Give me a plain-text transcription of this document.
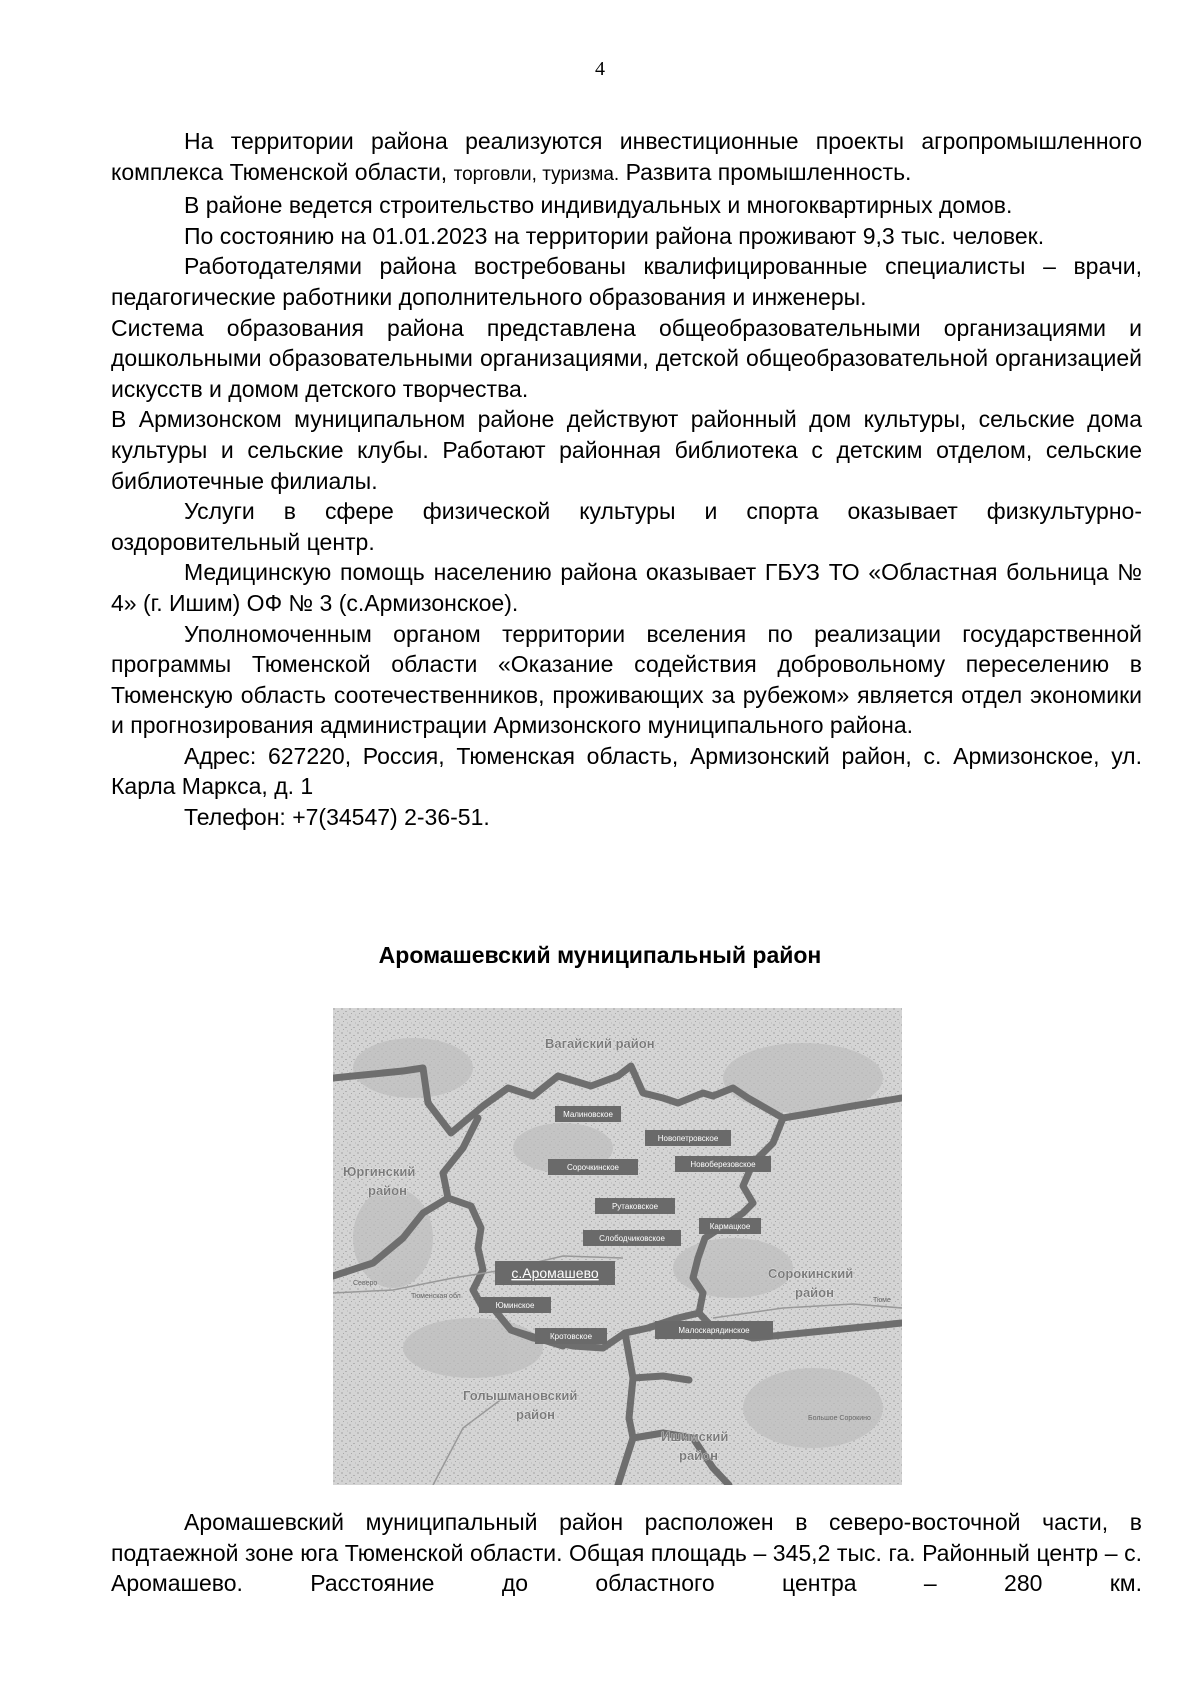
4

На территории района реализуются инвестиционные проекты агропромышленного комплекса Тюменской области, торговли, туризма. Развита промышленность.

В районе ведется строительство индивидуальных и многоквартирных домов.

По состоянию на 01.01.2023 на территории района проживают 9,3 тыс. человек.

Работодателями района востребованы квалифицированные специалисты – врачи, педагогические работники дополнительного образования и инженеры.

Система образования района представлена общеобразовательными организациями и дошкольными образовательными организациями, детской общеобразовательной организацией искусств и домом детского творчества.

В Армизонском муниципальном районе действуют районный дом культуры, сельские дома культуры и сельские клубы. Работают районная библиотека с детским отделом, сельские библиотечные филиалы.

Услуги в сфере физической культуры и спорта оказывает физкультурно-оздоровительный центр.

Медицинскую помощь населению района оказывает ГБУЗ ТО «Областная больница № 4» (г. Ишим) ОФ № 3 (с.Армизонское).

Уполномоченным органом территории вселения по реализации государственной программы Тюменской области «Оказание содействия добровольному переселению в Тюменскую область соотечественников, проживающих за рубежом» является отдел экономики и прогнозирования администрации Армизонского муниципального района.

Адрес: 627220, Россия, Тюменская область, Армизонский район, с. Армизонское, ул. Карла Маркса, д. 1

Телефон: +7(34547) 2-36-51.

Аромашевский муниципальный район
Вагайский район
Юргинский
район
Сорокинский
район
Голышмановский
район
Ишимский
район
Северо
Тюменская обл
Большое Сорокино
Тюме
Малиновское
Новопетровское
Сорочкинское	Новоберезовское
Рутаковское
Кармацкое
Слободчиковское
с.Аромашево
Юминское
Кротовское
Малоскарядинское

Аромашевский муниципальный район расположен в северо-восточной части, в подтаежной зоне юга Тюменской области. Общая площадь – 345,2 тыс. га. Районный центр – с. Аромашево. Расстояние до областного центра – 280 км.
